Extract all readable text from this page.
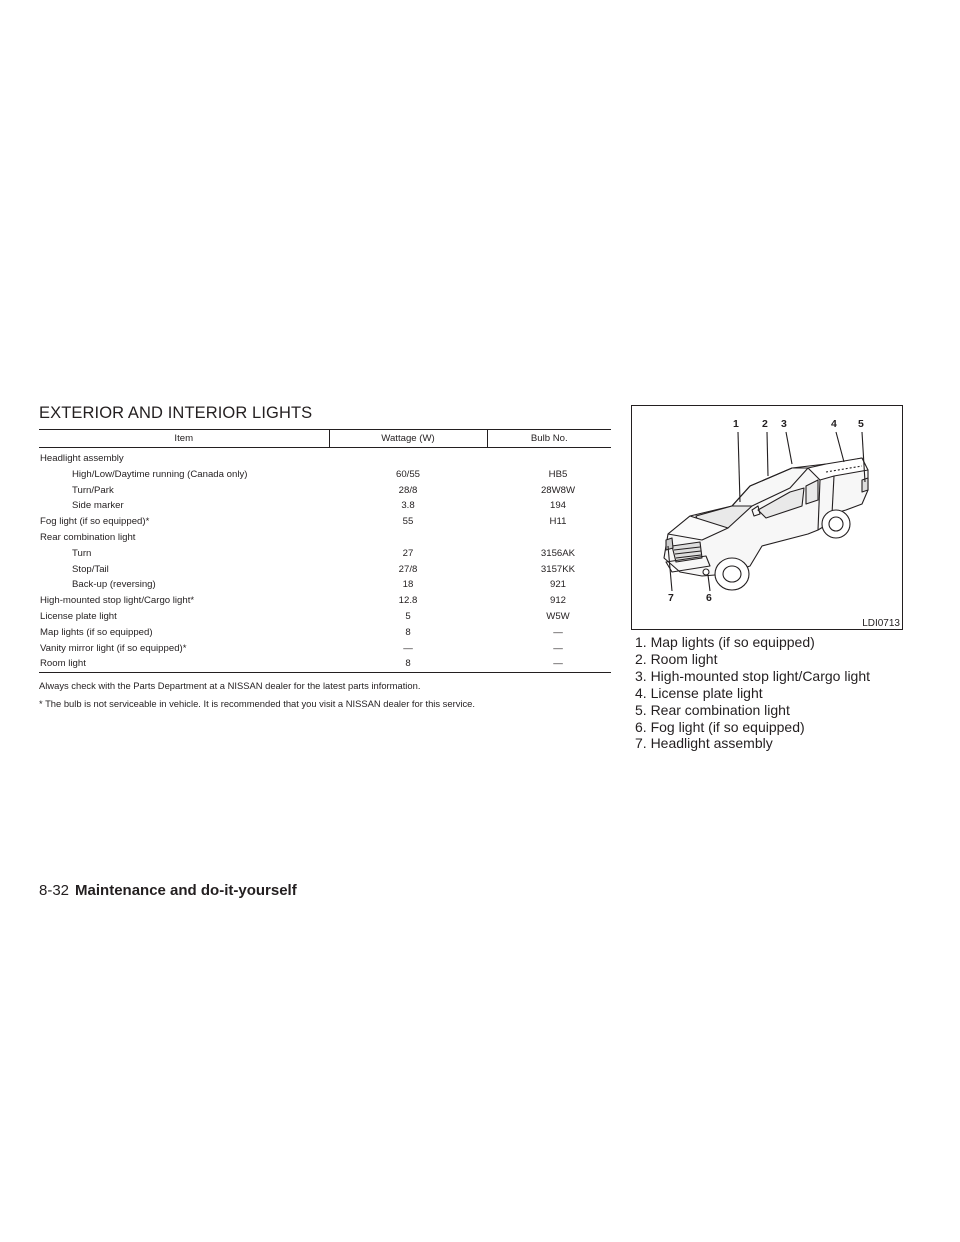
EXTERIOR AND INTERIOR LIGHTS
Item	Wattage (W)	Bulb No.
Headlight assembly		
High/Low/Daytime running (Canada only)	60/55	HB5
Turn/Park	28/8	28W8W
Side marker	3.8	194
Fog light (if so equipped)*	55	H11
Rear combination light		
Turn	27	3156AK
Stop/Tail	27/8	3157KK
Back-up (reversing)	18	921
High-mounted stop light/Cargo light*	12.8	912
License plate light	5	W5W
Map lights (if so equipped)	8	—
Vanity mirror light (if so equipped)*	—	—
Room light	8	—

Always check with the Parts Department at a NISSAN dealer for the latest parts information.

* The bulb is not serviceable in vehicle. It is recommended that you visit a NISSAN dealer for this service.

1 2 3	4 5
6
7
LDI0713
1. Map lights (if so equipped)
2. Room light
3. High-mounted stop light/Cargo light
4. License plate light
5. Rear combination light
6. Fog light (if so equipped)
7. Headlight assembly
8-32 Maintenance and do-it-yourself
